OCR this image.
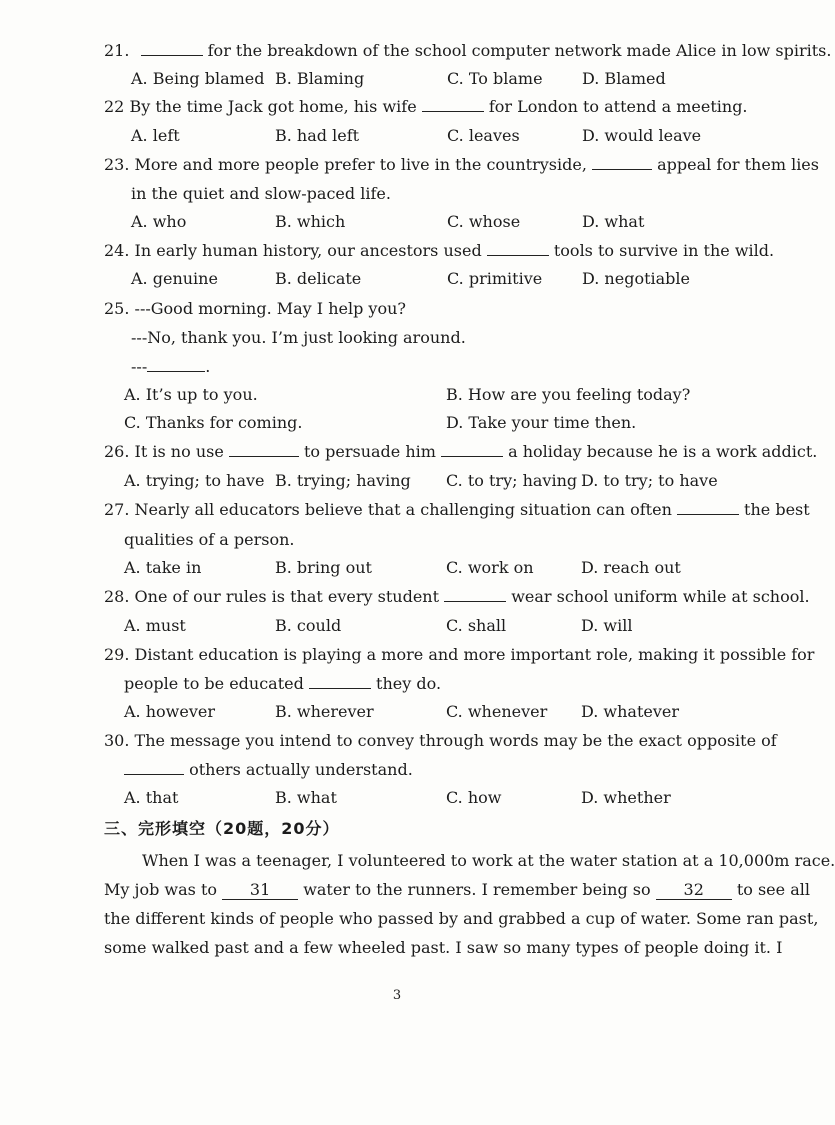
21.	for the breakdown of the school computer network made Alice in low spirits.
A. Being blamed B. Blaming	C. To blame D. Blamed
22 By the time Jack got home, his wife	for London to attend a meeting.
A. left	B. had left	C. leaves	D. would leave
23. More and more people prefer to live in the countryside,	appeal for them lies
in the quiet and slow-paced life.
A. who	B. which	C. whose	D. what
24. In early human history, our ancestors used	tools to survive in the wild.
A. genuine	B. delicate	C. primitive D. negotiable
25. ---Good morning. May I help you?
---No, thank you. I’m just looking around.
---	.
A. It’s up to you.	B. How are you feeling today?
C. Thanks for coming.	D. Take your time then.
26. It is no use	to persuade him	a holiday because he is a work addict.
A. trying; to have B. trying; having C. to try; having D. to try; to have
27. Nearly all educators believe that a challenging situation can often	the best
qualities of a person.
A. take in	B. bring out	C. work on	D. reach out
28. One of our rules is that every student	wear school uniform while at school.
A. must	B. could	C. shall	D. will
29. Distant education is playing a more and more important role, making it possible for
people to be educated	they do.
A. however	B. wherever	C. whenever D. whatever
30. The message you intend to convey through words may be the exact opposite of
others actually understand.
A. that	B. what	C. how	D. whether
三、完形填空（20题，20分）
When I was a teenager, I volunteered to work at the water station at a 10,000m race.
My job was to 31 water to the runners. I remember being so 32 to see all
the different kinds of people who passed by and grabbed a cup of water. Some ran past,
some walked past and a few wheeled past. I saw so many types of people doing it. I
3
